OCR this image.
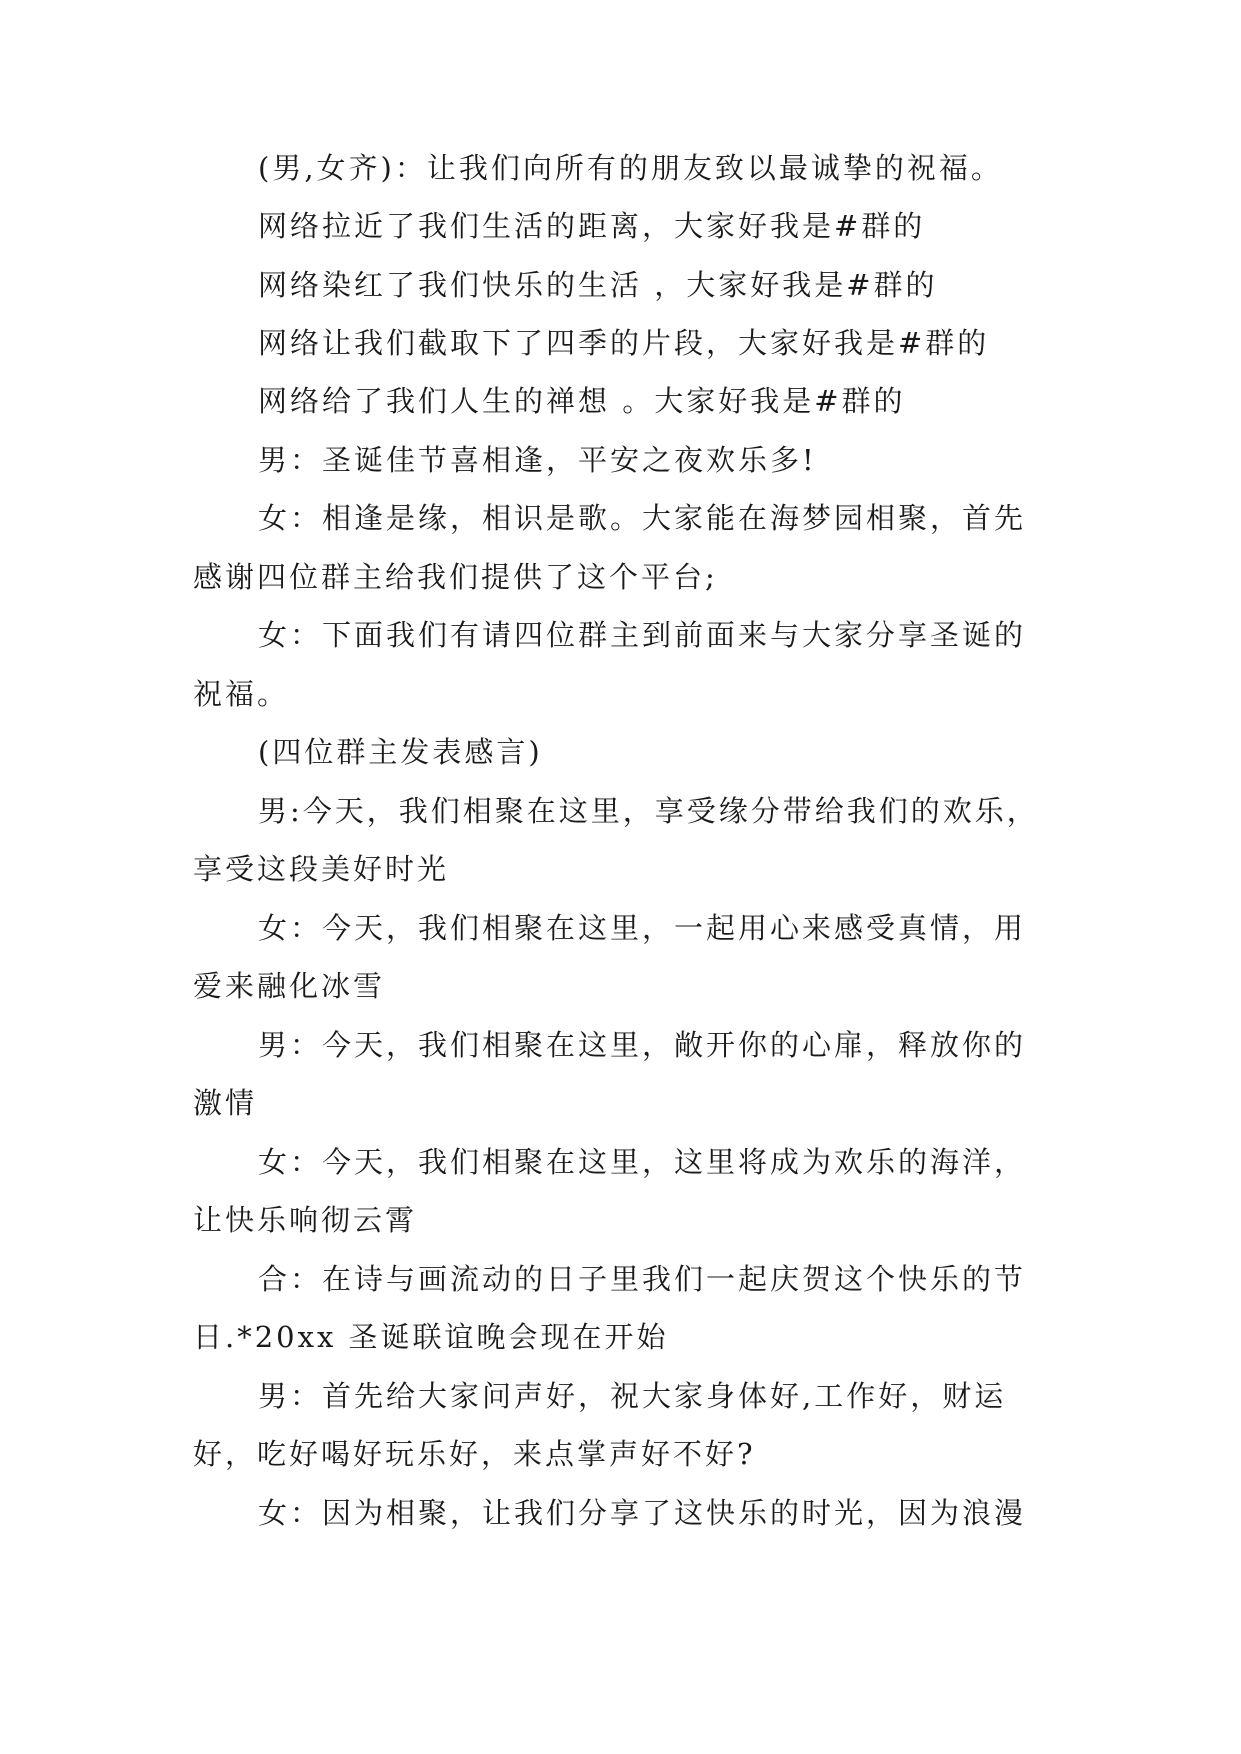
(男,女齐)：让我们向所有的朋友致以最诚挚的祝福。
网络拉近了我们生活的距离，大家好我是#群的
网络染红了我们快乐的生活 ，大家好我是#群的
网络让我们截取下了四季的片段，大家好我是#群的
网络给了我们人生的禅想 。大家好我是#群的
男：圣诞佳节喜相逢，平安之夜欢乐多!
女：相逢是缘，相识是歌。大家能在海梦园相聚，首先
感谢四位群主给我们提供了这个平台;
女：下面我们有请四位群主到前面来与大家分享圣诞的
祝福。
(四位群主发表感言)
男:今天，我们相聚在这里，享受缘分带给我们的欢乐，
享受这段美好时光
女：今天，我们相聚在这里，一起用心来感受真情，用
爱来融化冰雪
男：今天，我们相聚在这里，敞开你的心扉，释放你的
激情
女：今天，我们相聚在这里，这里将成为欢乐的海洋，
让快乐响彻云霄
合：在诗与画流动的日子里我们一起庆贺这个快乐的节
日.*20xx 圣诞联谊晚会现在开始
男：首先给大家问声好，祝大家身体好,工作好，财运
好，吃好喝好玩乐好，来点掌声好不好?
女：因为相聚，让我们分享了这快乐的时光，因为浪漫
